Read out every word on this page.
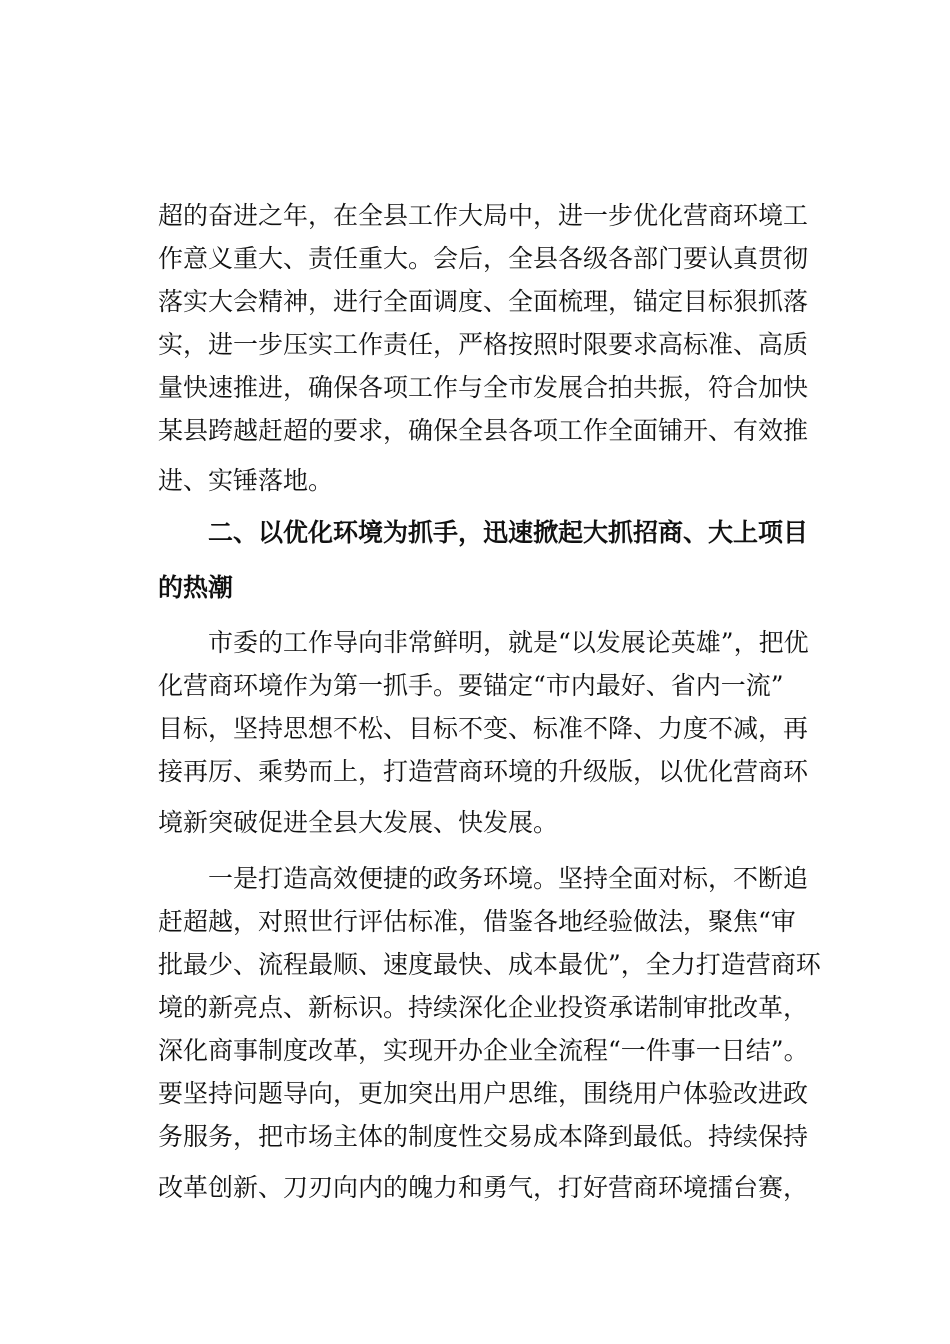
超的奋进之年，在全县工作大局中，进一步优化营商环境工

作意义重大、责任重大。会后，全县各级各部门要认真贯彻

落实大会精神，进行全面调度、全面梳理，锚定目标狠抓落

实，进一步压实工作责任，严格按照时限要求高标准、高质

量快速推进，确保各项工作与全市发展合拍共振，符合加快

某县跨越赶超的要求，确保全县各项工作全面铺开、有效推

进、实锤落地。

二、以优化环境为抓手，迅速掀起大抓招商、大上项目

的热潮

市委的工作导向非常鲜明，就是“以发展论英雄”，把优

化营商环境作为第一抓手。要锚定“市内最好、省内一流”

目标，坚持思想不松、目标不变、标准不降、力度不减，再

接再厉、乘势而上，打造营商环境的升级版，以优化营商环

境新突破促进全县大发展、快发展。

一是打造高效便捷的政务环境。坚持全面对标，不断追

赶超越，对照世行评估标准，借鉴各地经验做法，聚焦“审

批最少、流程最顺、速度最快、成本最优”，全力打造营商环

境的新亮点、新标识。持续深化企业投资承诺制审批改革，

深化商事制度改革，实现开办企业全流程“一件事一日结”。

要坚持问题导向，更加突出用户思维，围绕用户体验改进政

务服务，把市场主体的制度性交易成本降到最低。持续保持

改革创新、刀刃向内的魄力和勇气，打好营商环境擂台赛，
